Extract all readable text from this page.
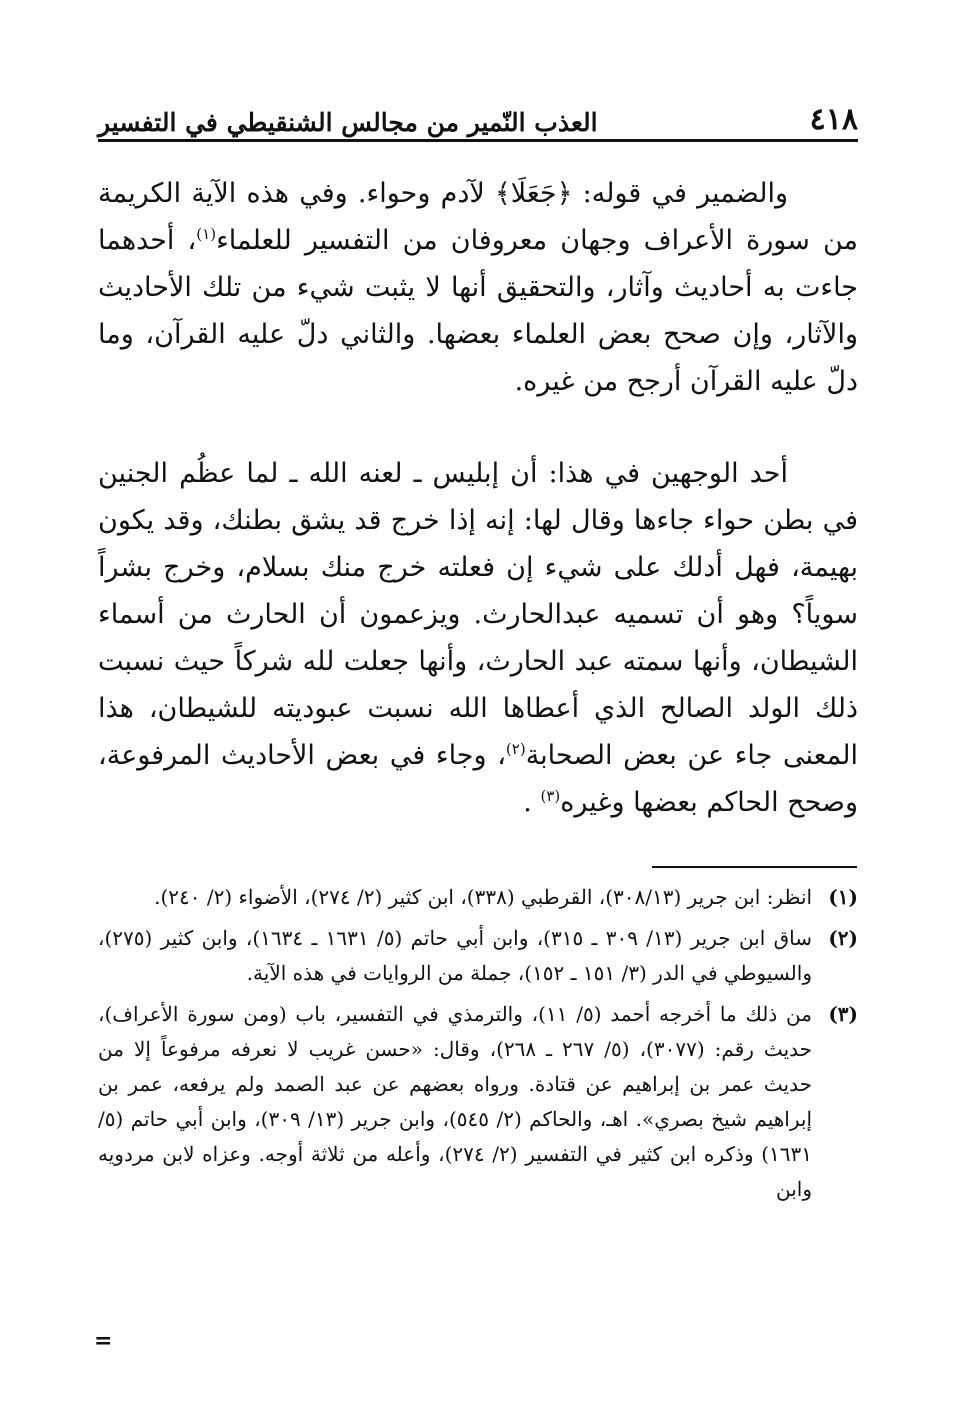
٤١٨
العذب النّمير من مجالس الشنقيطي في التفسير

والضمير في قوله: ﴿جَعَلَا﴾ لآدم وحواء. وفي هذه الآية الكريمة من سورة الأعراف وجهان معروفان من التفسير للعلماء$^{(١)}$، أحدهما جاءت به أحاديث وآثار، والتحقيق أنها لا يثبت شيء من تلك الأحاديث والآثار، وإن صحح بعض العلماء بعضها. والثاني دلّ عليه القرآن، وما دلّ عليه القرآن أرجح من غيره.

أحد الوجهين في هذا: أن إبليس ـ لعنه الله ـ لما عظُم الجنين في بطن حواء جاءها وقال لها: إنه إذا خرج قد يشق بطنك، وقد يكون بهيمة، فهل أدلك على شيء إن فعلته خرج منك بسلام، وخرج بشراً سوياً؟ وهو أن تسميه عبدالحارث. ويزعمون أن الحارث من أسماء الشيطان، وأنها سمته عبد الحارث، وأنها جعلت لله شركاً حيث نسبت ذلك الولد الصالح الذي أعطاها الله نسبت عبوديته للشيطان، هذا المعنى جاء عن بعض الصحابة$^{(٢)}$، وجاء في بعض الأحاديث المرفوعة، وصحح الحاكم بعضها وغيره$^{(٣)}$ .

(١)
انظر: ابن جرير (٣٠٨/١٣)، القرطبي (٣٣٨)، ابن كثير (٢/ ٢٧٤)، الأضواء (٢/ ٢٤٠).
(٢)
ساق ابن جرير (١٣/ ٣٠٩ ـ ٣١٥)، وابن أبي حاتم (٥/ ١٦٣١ ـ ١٦٣٤)، وابن كثير (٢٧٥)، والسيوطي في الدر (٣/ ١٥١ ـ ١٥٢)، جملة من الروايات في هذه الآية.
(٣)
من ذلك ما أخرجه أحمد (٥/ ١١)، والترمذي في التفسير، باب (ومن سورة الأعراف)، حديث رقم: (٣٠٧٧)، (٥/ ٢٦٧ ـ ٢٦٨)، وقال: «حسن غريب لا نعرفه مرفوعاً إلا من حديث عمر بن إبراهيم عن قتادة. ورواه بعضهم عن عبد الصمد ولم يرفعه، عمر بن إبراهيم شيخ بصري». اهـ، والحاكم (٢/ ٥٤٥)، وابن جرير (١٣/ ٣٠٩)، وابن أبي حاتم (٥/ ١٦٣١) وذكره ابن كثير في التفسير (٢/ ٢٧٤)، وأعله من ثلاثة أوجه. وعزاه لابن مردويه وابن
=
